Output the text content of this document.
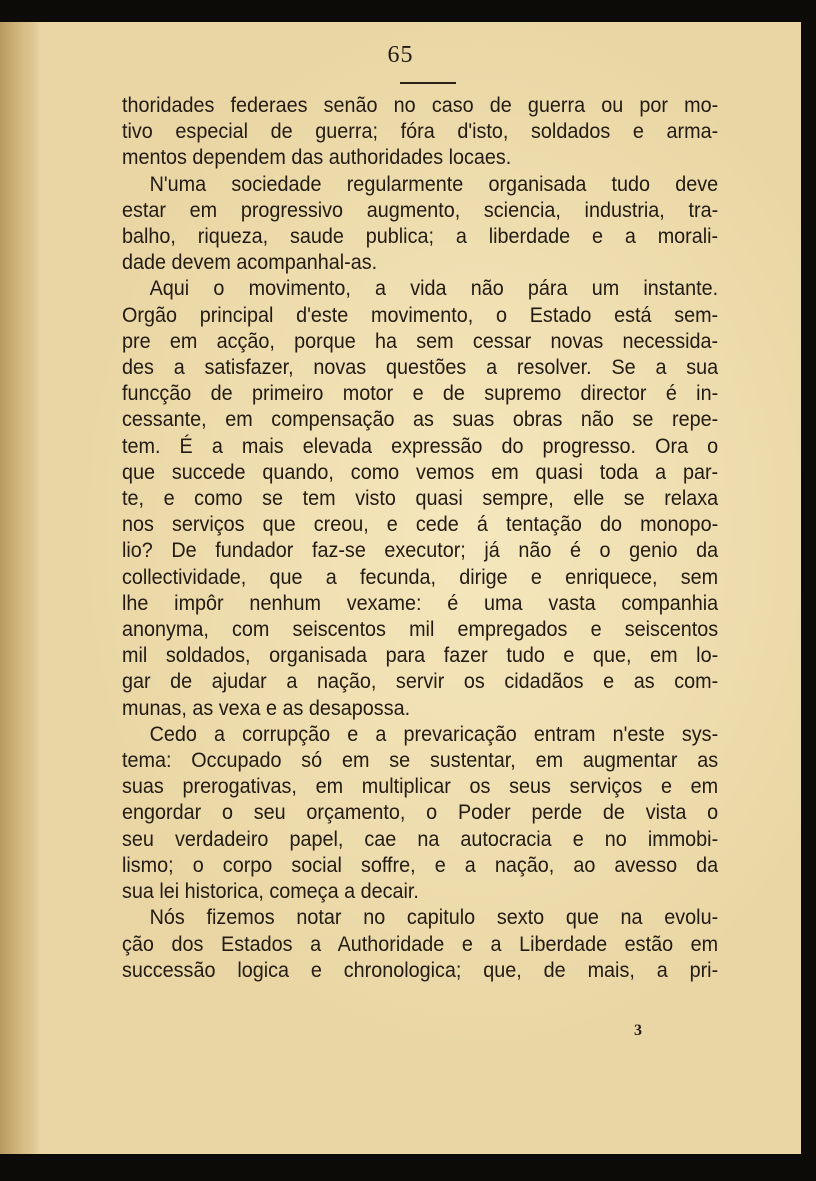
65
thoridades federaes senão no caso de guerra ou por mo-
tivo especial de guerra; fóra d'isto, soldados e arma-
mentos dependem das authoridades locaes.
N'uma sociedade regularmente organisada tudo deve
estar em progressivo augmento, sciencia, industria, tra-
balho, riqueza, saude publica; a liberdade e a morali-
dade devem acompanhal-as.
Aqui o movimento, a vida não pára um instante.
Orgão principal d'este movimento, o Estado está sem-
pre em acção, porque ha sem cessar novas necessida-
des a satisfazer, novas questões a resolver. Se a sua
funcção de primeiro motor e de supremo director é in-
cessante, em compensação as suas obras não se repe-
tem. É a mais elevada expressão do progresso. Ora o
que succede quando, como vemos em quasi toda a par-
te, e como se tem visto quasi sempre, elle se relaxa
nos serviços que creou, e cede á tentação do monopo-
lio? De fundador faz-se executor; já não é o genio da
collectividade, que a fecunda, dirige e enriquece, sem
lhe impôr nenhum vexame: é uma vasta companhia
anonyma, com seiscentos mil empregados e seiscentos
mil soldados, organisada para fazer tudo e que, em lo-
gar de ajudar a nação, servir os cidadãos e as com-
munas, as vexa e as desapossa.
Cedo a corrupção e a prevaricação entram n'este sys-
tema: Occupado só em se sustentar, em augmentar as
suas prerogativas, em multiplicar os seus serviços e em
engordar o seu orçamento, o Poder perde de vista o
seu verdadeiro papel, cae na autocracia e no immobi-
lismo; o corpo social soffre, e a nação, ao avesso da
sua lei historica, começa a decair.
Nós fizemos notar no capitulo sexto que na evolu-
ção dos Estados a Authoridade e a Liberdade estão em
successão logica e chronologica; que, de mais, a pri-
3
